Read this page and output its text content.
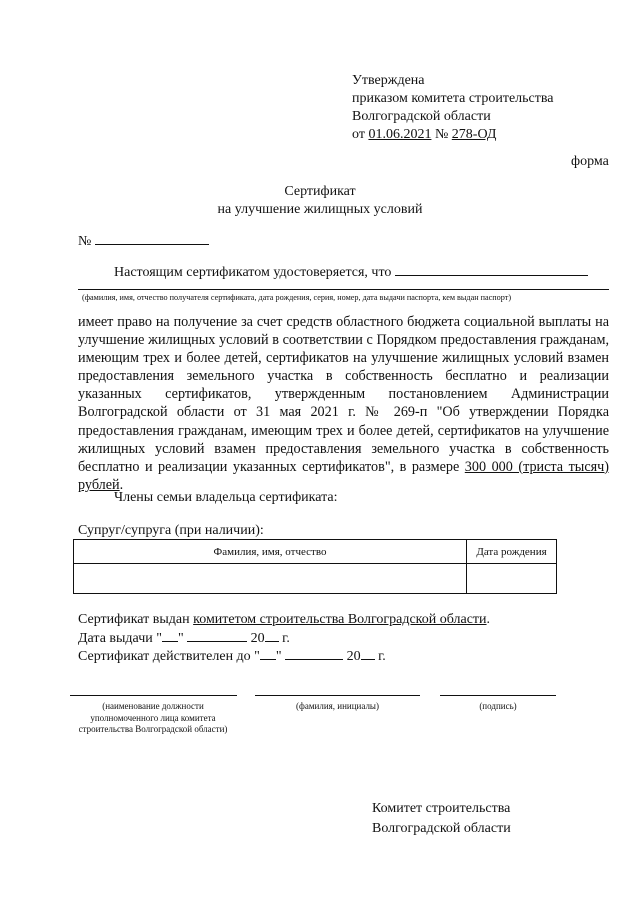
Утверждена
приказом комитета строительства
Волгоградской области
от 01.06.2021 № 278-ОД
форма
Сертификат
на улучшение жилищных условий
№
Настоящим сертификатом удостоверяется, что
(фамилия, имя, отчество получателя сертификата, дата рождения, серия, номер, дата выдачи паспорта, кем выдан паспорт)
имеет право на получение за счет средств областного бюджета социальной выплаты на улучшение жилищных условий в соответствии с Порядком предоставления гражданам, имеющим трех и более детей, сертификатов на улучшение жилищных условий взамен предоставления земельного участка в собственность бесплатно и реализации указанных сертификатов, утвержденным постановлением Администрации Волгоградской области от 31 мая 2021 г. № 269-п "Об утверждении Порядка предоставления гражданам, имеющим трех и более детей, сертификатов на улучшение жилищных условий взамен предоставления земельного участка в собственность бесплатно и реализации указанных сертификатов", в размере 300 000 (триста тысяч) рублей.
Члены семьи владельца сертификата:
Супруг/супруга (при наличии):
Фамилия, имя, отчество	Дата рождения

Сертификат выдан комитетом строительства Волгоградской области.
Дата выдачи " "	20 г.
Сертификат действителен до " "	20 г.
(наименование должности уполномоченного лица комитета строительства Волгоградской области)
(фамилия, инициалы)	(подпись)
Комитет строительства
Волгоградской области
